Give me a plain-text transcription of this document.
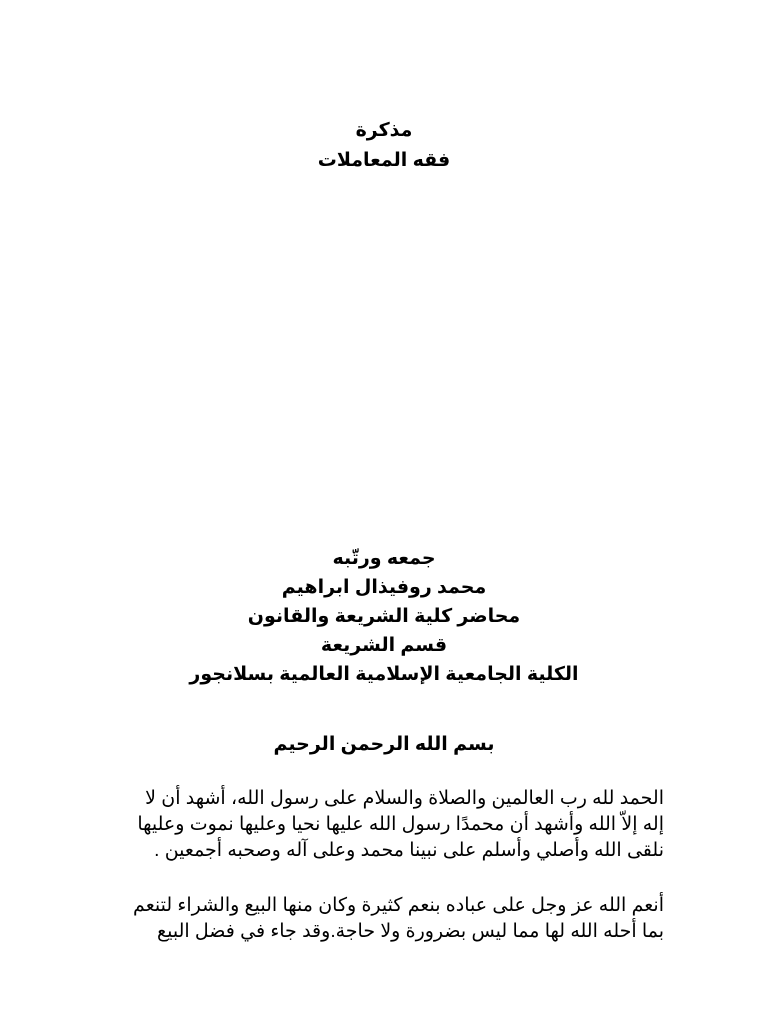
مذكرة
فقه المعاملات
جمعه ورتّبه
محمد روفيذال ابراهيم
محاضر كلية الشريعة والقانون
قسم الشريعة
الكلية الجامعية الإسلامية العالمية بسلانجور
بسم الله الرحمن الرحيم
الحمد لله رب العالمين والصلاة والسلام على رسول الله، أشهد أن لا
إله إلاّ الله وأشهد أن محمدًا رسول الله عليها نحيا وعليها نموت وعليها
نلقى الله وأصلي وأسلم على نبينا محمد وعلى آله وصحبه أجمعين .
أنعم الله عز وجل على عباده بنعم كثيرة وكان منها البيع والشراء لتنعم
بما أحله الله لها مما ليس بضرورة ولا حاجة.وقد جاء في فضل البيع
